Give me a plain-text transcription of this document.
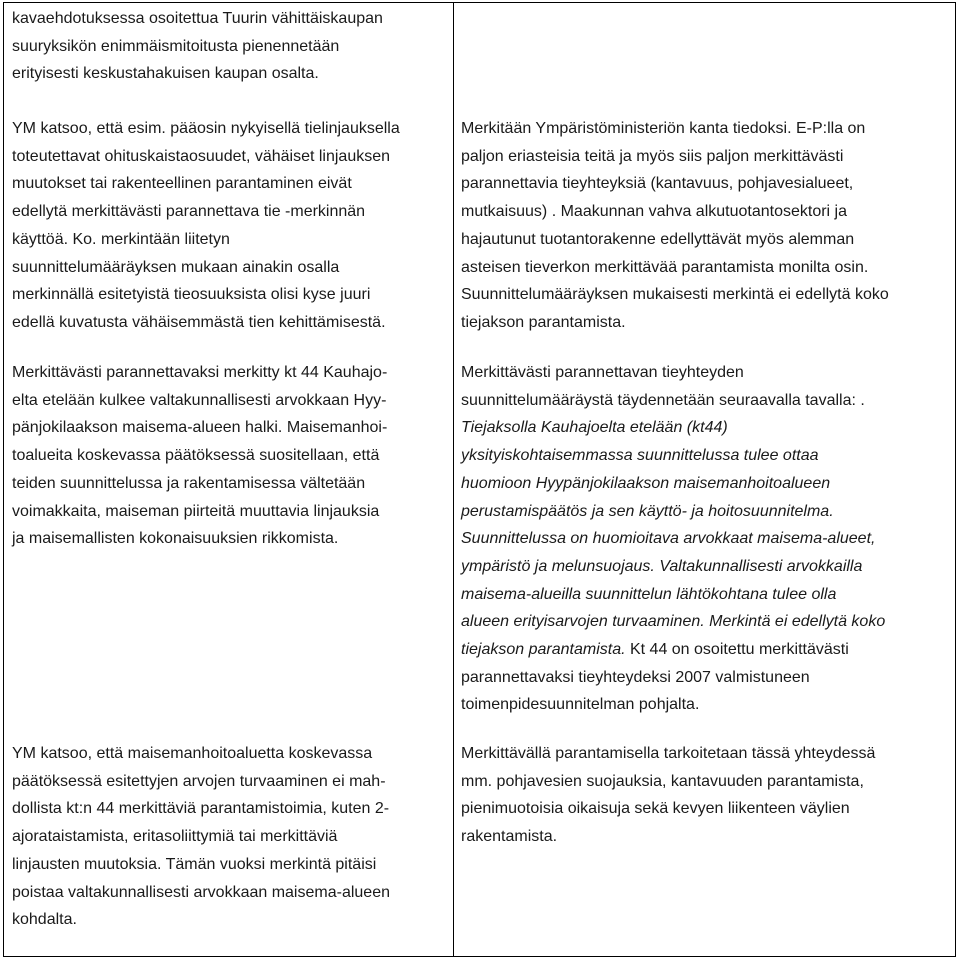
kavaehdotuksessa osoitettua Tuurin vähittäiskaupan
suuryksikön enimmäismitoitusta pienennetään
erityisesti keskustahakuisen kaupan osalta.

YM katsoo, että esim. pääosin nykyisellä tielinjauksella
toteutettavat ohituskaistaosuudet, vähäiset linjauksen
muutokset tai rakenteellinen parantaminen eivät
edellytä merkittävästi parannettava tie -merkinnän
käyttöä. Ko. merkintään liitetyn
suunnittelumääräyksen mukaan ainakin osalla
merkinnällä esitetyistä tieosuuksista olisi kyse juuri
edellä kuvatusta vähäisemmästä tien kehittämisestä.

Merkittävästi parannettavaksi merkitty kt 44 Kauhajo-
elta etelään kulkee valtakunnallisesti arvokkaan Hyy-
pänjokilaakson maisema-alueen halki. Maisemanhoi-
toalueita koskevassa päätöksessä suositellaan, että
teiden suunnittelussa ja rakentamisessa vältetään
voimakkaita, maiseman piirteitä muuttavia linjauksia
ja maisemallisten kokonaisuuksien rikkomista.

YM katsoo, että maisemanhoitoaluetta koskevassa
päätöksessä esitettyjen arvojen turvaaminen ei mah-
dollista kt:n 44 merkittäviä parantamistoimia, kuten 2-
ajorataistamista, eritasoliittymiä tai merkittäviä
linjausten muutoksia. Tämän vuoksi merkintä pitäisi
poistaa valtakunnallisesti arvokkaan maisema-alueen
kohdalta.

Merkitään Ympäristöministeriön kanta tiedoksi. E-P:lla on
paljon eriasteisia teitä ja myös siis paljon merkittävästi
parannettavia tieyhteyksiä (kantavuus, pohjavesialueet,
mutkaisuus) . Maakunnan vahva alkutuotantosektori ja
hajautunut tuotantorakenne edellyttävät myös alemman
asteisen tieverkon merkittävää parantamista monilta osin.
Suunnittelumääräyksen mukaisesti merkintä ei edellytä koko
tiejakson parantamista.

Merkittävästi parannettavan tieyhteyden
suunnittelumääräystä täydennetään seuraavalla tavalla: .
Tiejaksolla Kauhajoelta etelään (kt44)
yksityiskohtaisemmassa suunnittelussa tulee ottaa
huomioon Hyypänjokilaakson maisemanhoitoalueen
perustamispäätös ja sen käyttö- ja hoitosuunnitelma.
Suunnittelussa on huomioitava arvokkaat maisema-alueet,
ympäristö ja melunsuojaus. Valtakunnallisesti arvokkailla
maisema-alueilla suunnittelun lähtökohtana tulee olla
alueen erityisarvojen turvaaminen. Merkintä ei edellytä koko
tiejakson parantamista. Kt 44 on osoitettu merkittävästi
parannettavaksi tieyhteydeksi 2007 valmistuneen
toimenpidesuunnitelman pohjalta.

Merkittävällä parantamisella tarkoitetaan tässä yhteydessä
mm. pohjavesien suojauksia, kantavuuden parantamista,
pienimuotoisia oikaisuja sekä kevyen liikenteen väylien
rakentamista.
